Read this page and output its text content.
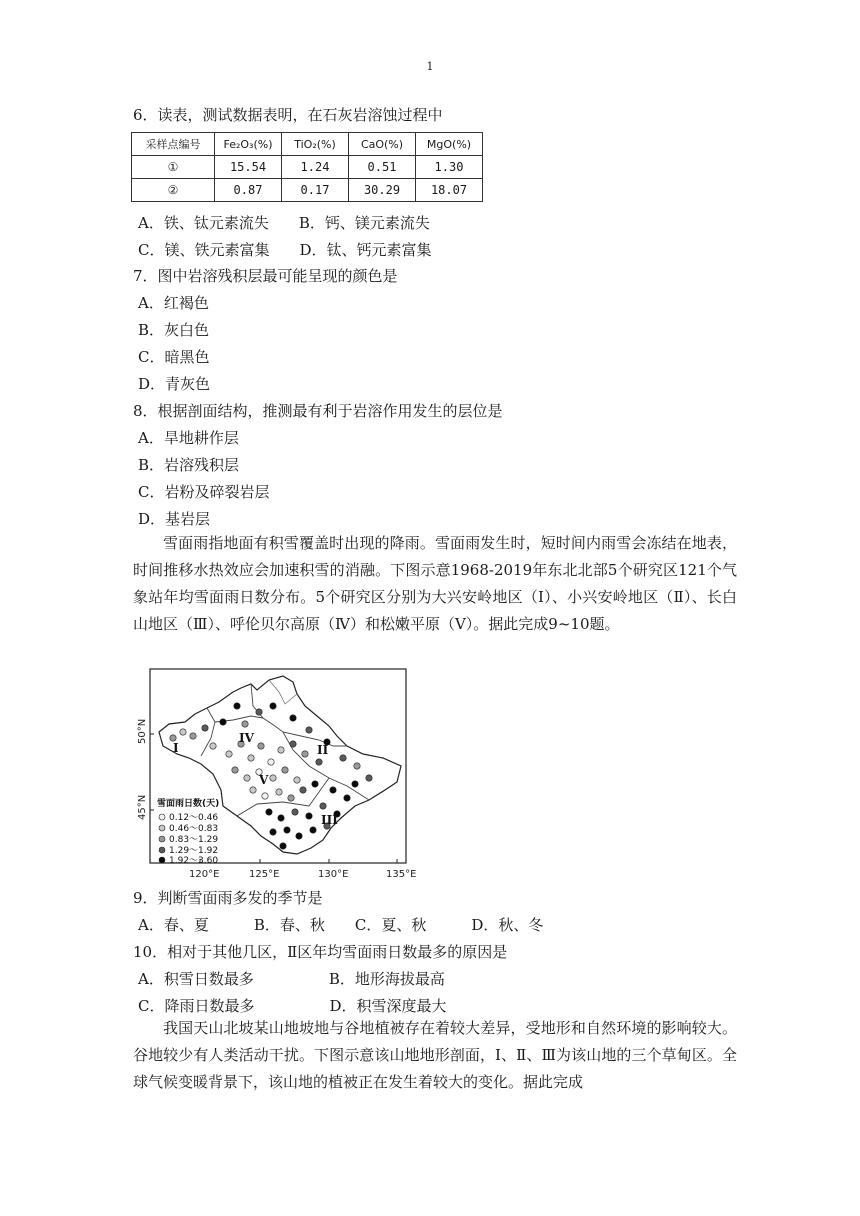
1
6．读表，测试数据表明，在石灰岩溶蚀过程中
采样点编号	Fe₂O₃(%)	TiO₂(%)	CaO(%)	MgO(%)
①	15.54	1.24	0.51	1.30
②	0.87	0.17	30.29	18.07
A．铁、钛元素流失　　B．钙、镁元素流失
C．镁、铁元素富集　　D．钛、钙元素富集
7．图中岩溶残积层最可能呈现的颜色是
A．红褐色
B．灰白色
C．暗黑色
D．青灰色
8．根据剖面结构，推测最有利于岩溶作用发生的层位是
A．旱地耕作层
B．岩溶残积层
C．岩粉及碎裂岩层
D．基岩层
雪面雨指地面有积雪覆盖时出现的降雨。雪面雨发生时，短时间内雨雪会冻结在地表，时间推移水热效应会加速积雪的消融。下图示意1968-2019年东北北部5个研究区121个气象站年均雪面雨日数分布。5个研究区分别为大兴安岭地区（Ⅰ）、小兴安岭地区（Ⅱ）、长白山地区（Ⅲ）、呼伦贝尔高原（Ⅳ）和松嫩平原（Ⅴ）。据此完成9~10题。
50°N
45°N
120°E	125°E	130°E	135°E
I
IV
II
V
III
雪面雨日数(天)
0.12～0.46
0.46～0.83
0.83～1.29
1.29～1.92
1.92～3.60
9．判断雪面雨多发的季节是
A．春、夏　　　B．春、秋　　C．夏、秋　　　D．秋、冬
10．相对于其他几区，Ⅱ区年均雪面雨日数最多的原因是
A．积雪日数最多　　　　　B．地形海拔最高
C．降雨日数最多　　　　　D．积雪深度最大
我国天山北坡某山地坡地与谷地植被存在着较大差异，受地形和自然环境的影响较大。谷地较少有人类活动干扰。下图示意该山地地形剖面，Ⅰ、Ⅱ、Ⅲ为该山地的三个草甸区。全球气候变暖背景下，该山地的植被正在发生着较大的变化。据此完成
